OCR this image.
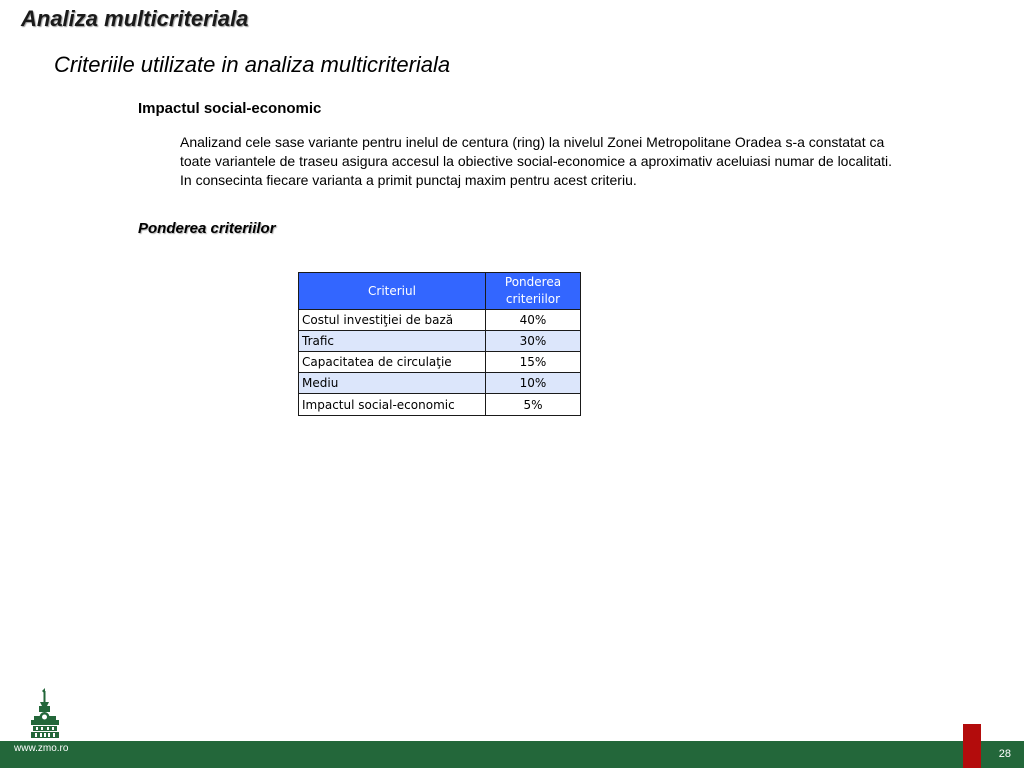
Analiza multicriteriala
Criteriile utilizate in analiza multicriteriala
Impactul social-economic

Analizand cele sase variante pentru inelul de centura (ring) la nivelul Zonei Metropolitane Oradea s-a constatat ca
toate variantele de traseu asigura accesul la obiective social-economice a aproximativ aceluiasi numar de localitati.
In consecinta fiecare varianta a primit punctaj maxim pentru acest criteriu.

Ponderea criteriilor
Criteriul	Ponderea criteriilor
Costul investiţiei de bază	40%
Trafic	30%
Capacitatea de circulaţie	15%
Mediu	10%
Impactul social-economic	5%
www.zmo.ro	28
